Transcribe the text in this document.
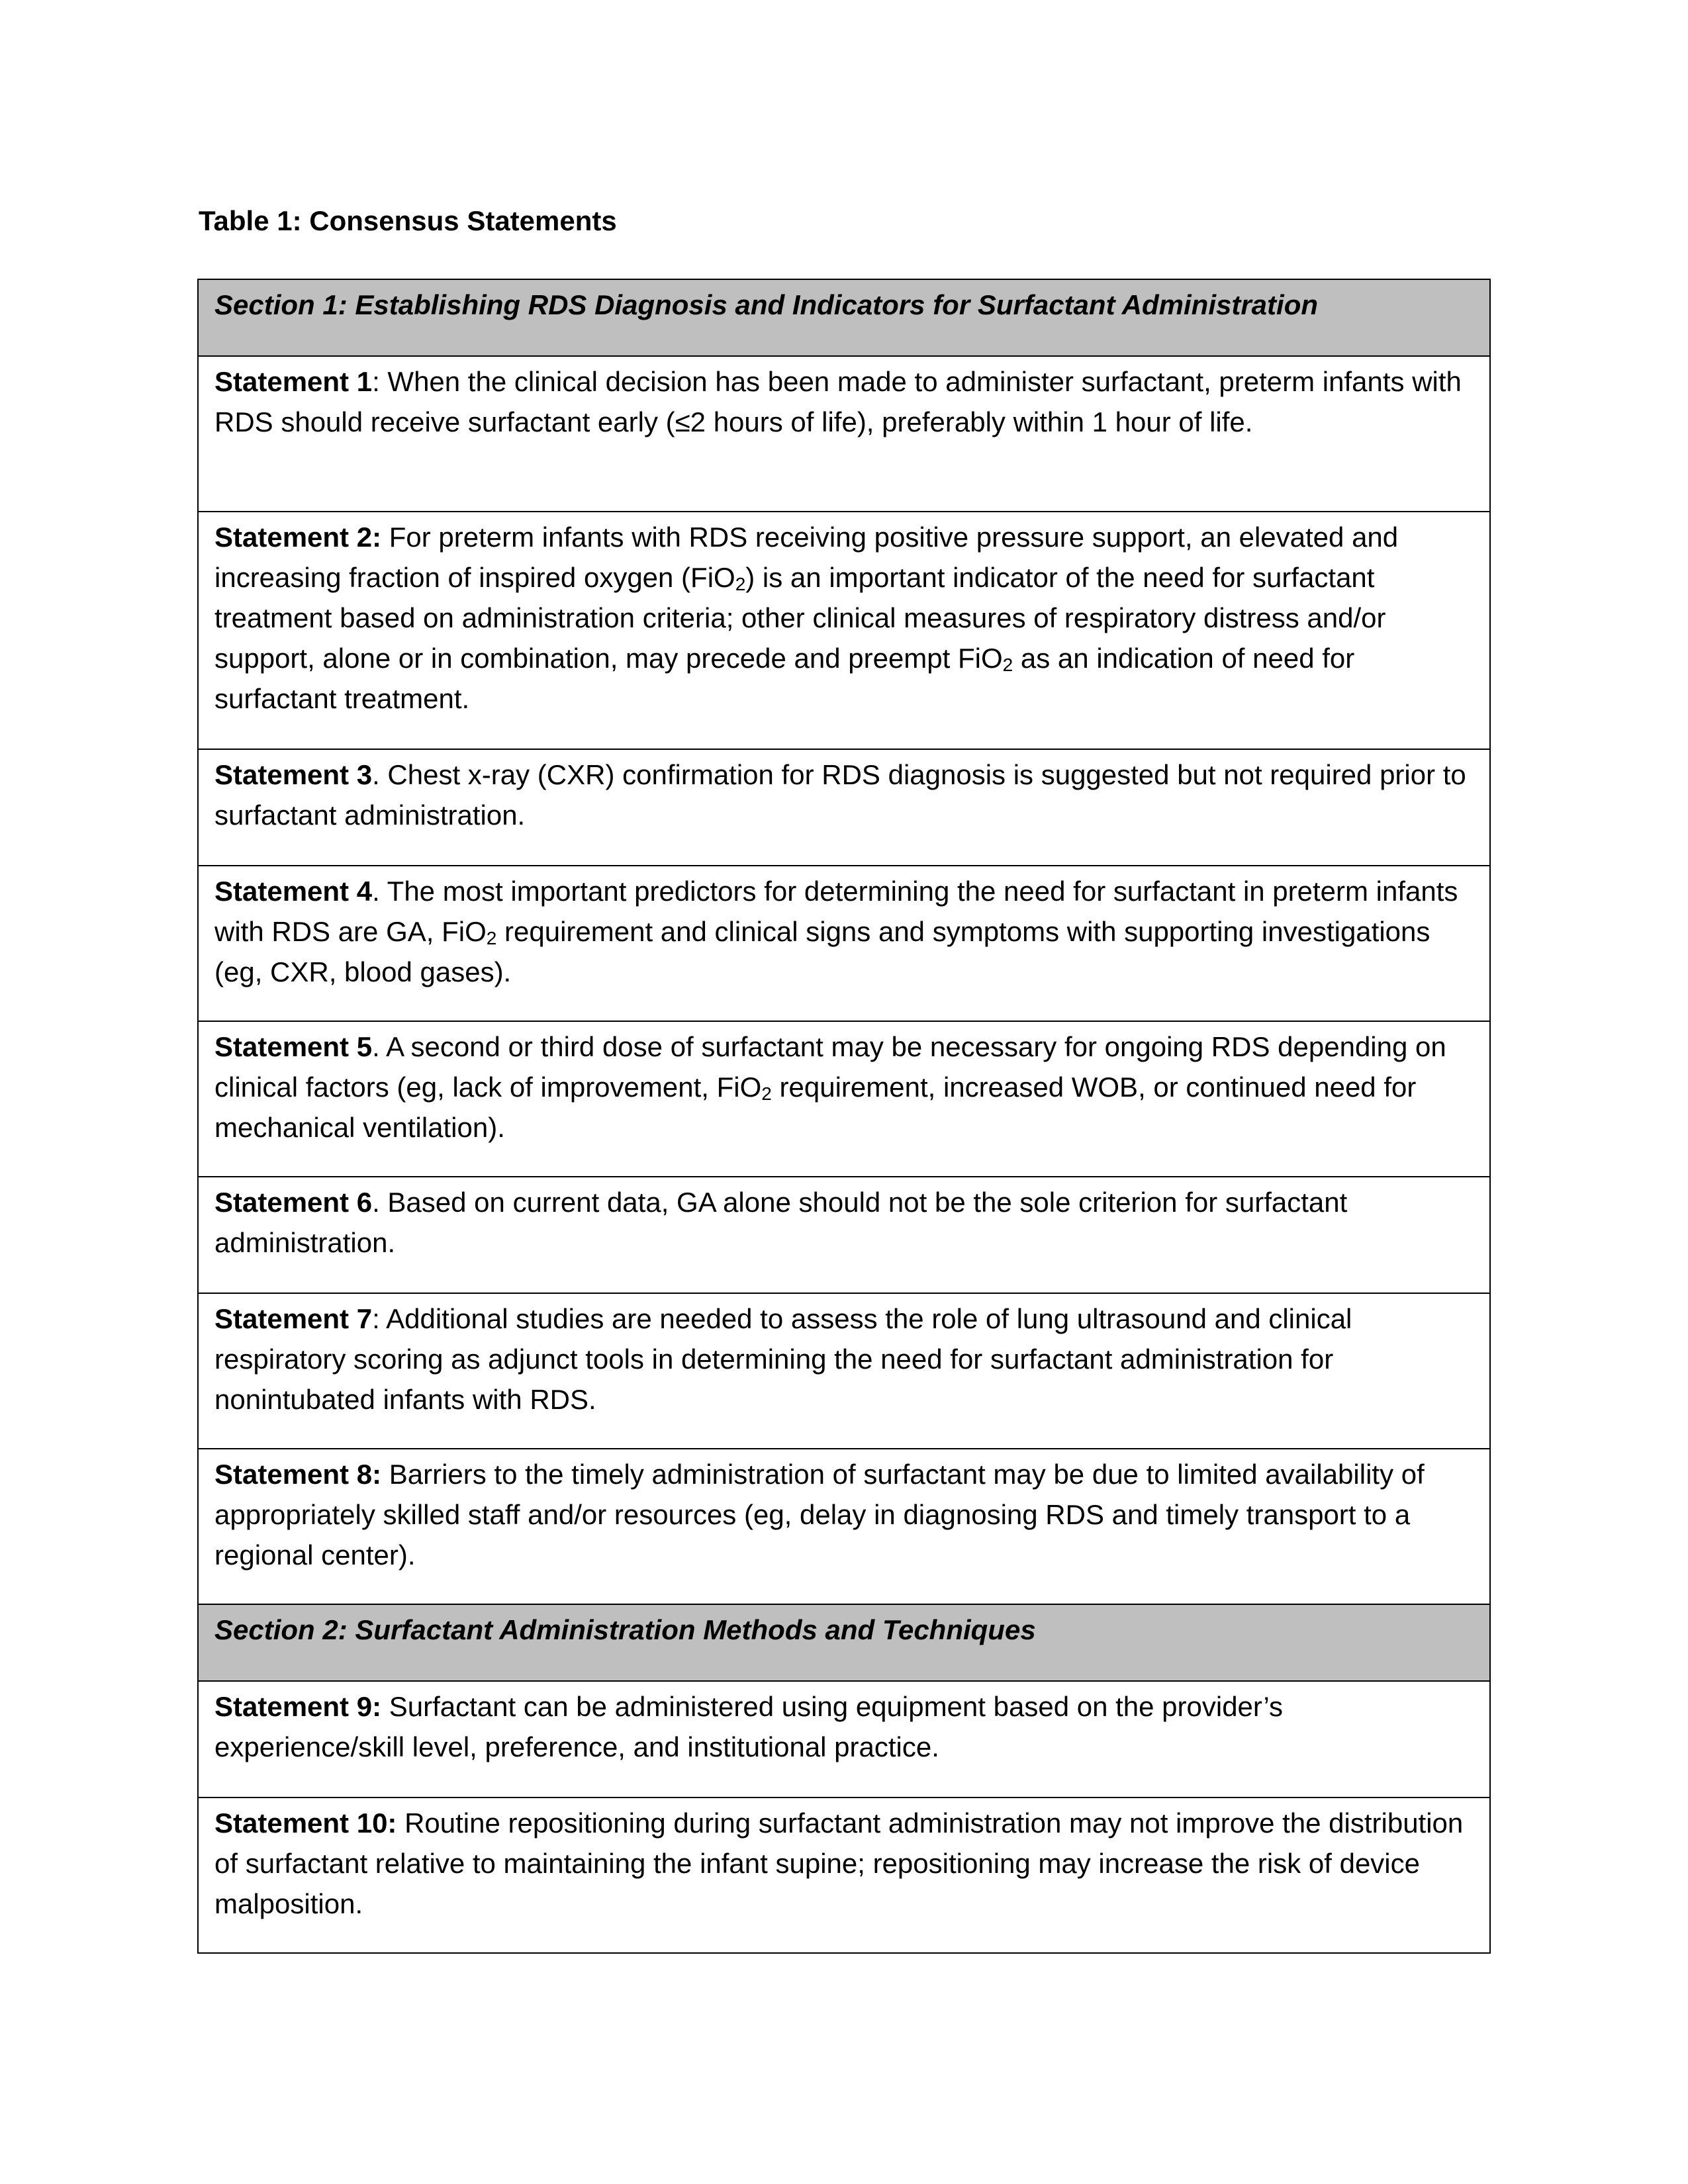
Table 1: Consensus Statements
Section 1: Establishing RDS Diagnosis and Indicators for Surfactant Administration
Statement 1: When the clinical decision has been made to administer surfactant, preterm infants with RDS should receive surfactant early (≤2 hours of life), preferably within 1 hour of life.
Statement 2: For preterm infants with RDS receiving positive pressure support, an elevated and increasing fraction of inspired oxygen (FiO$_2$) is an important indicator of the need for surfactant treatment based on administration criteria; other clinical measures of respiratory distress and/or support, alone or in combination, may precede and preempt FiO$_2$ as an indication of need for surfactant treatment.
Statement 3. Chest x-ray (CXR) confirmation for RDS diagnosis is suggested but not required prior to surfactant administration.
Statement 4. The most important predictors for determining the need for surfactant in preterm infants with RDS are GA, FiO$_2$ requirement and clinical signs and symptoms with supporting investigations (eg, CXR, blood gases).
Statement 5. A second or third dose of surfactant may be necessary for ongoing RDS depending on clinical factors (eg, lack of improvement, FiO$_2$ requirement, increased WOB, or continued need for mechanical ventilation).
Statement 6. Based on current data, GA alone should not be the sole criterion for surfactant administration.
Statement 7: Additional studies are needed to assess the role of lung ultrasound and clinical respiratory scoring as adjunct tools in determining the need for surfactant administration for nonintubated infants with RDS.
Statement 8: Barriers to the timely administration of surfactant may be due to limited availability of appropriately skilled staff and/or resources (eg, delay in diagnosing RDS and timely transport to a regional center).
Section 2: Surfactant Administration Methods and Techniques
Statement 9: Surfactant can be administered using equipment based on the provider’s experience/skill level, preference, and institutional practice.
Statement 10: Routine repositioning during surfactant administration may not improve the distribution of surfactant relative to maintaining the infant supine; repositioning may increase the risk of device malposition.
